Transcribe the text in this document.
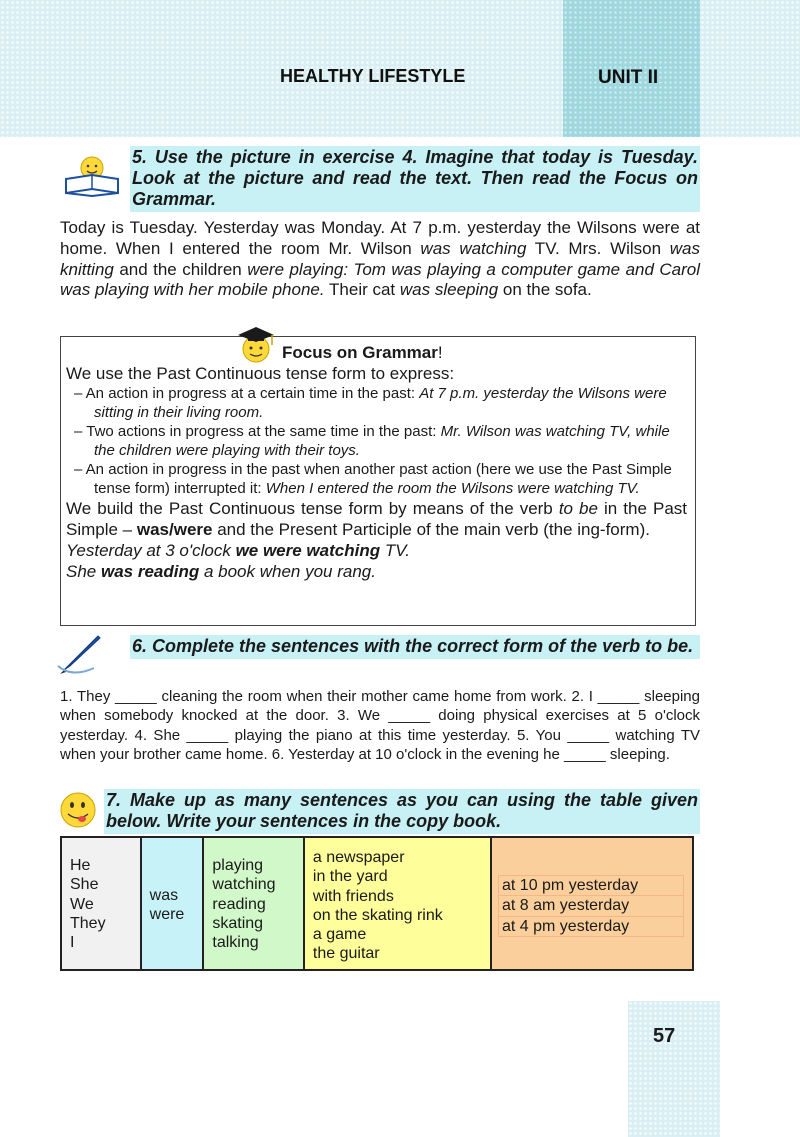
HEALTHY LIFESTYLE	UNIT II
5. Use the picture in exercise 4. Imagine that today is Tuesday. Look at the picture and read the text. Then read the Focus on Grammar.
Today is Tuesday. Yesterday was Monday. At 7 p.m. yesterday the Wilsons were at home. When I entered the room Mr. Wilson was watching TV. Mrs. Wilson was knitting and the children were playing: Tom was playing a computer game and Carol was playing with her mobile phone. Their cat was sleeping on the sofa.
We use the Past Continuous tense form to express:
– An action in progress at a certain time in the past: At 7 p.m. yesterday the Wilsons were sitting in their living room.
– Two actions in progress at the same time in the past: Mr. Wilson was watching TV, while the children were playing with their toys.
– An action in progress in the past when another past action (here we use the Past Simple tense form) interrupted it: When I entered the room the Wilsons were watching TV.
We build the Past Continuous tense form by means of the verb to be in the Past Simple – was/were and the Present Participle of the main verb (the ing-form).
Yesterday at 3 o'clock we were watching TV.
She was reading a book when you rang.
Focus on Grammar!
6. Complete the sentences with the correct form of the verb to be.
1. They _____ cleaning the room when their mother came home from work. 2. I _____ sleeping when somebody knocked at the door. 3. We _____ doing physical exercises at 5 o'clock yesterday. 4. She _____ playing the piano at this time yesterday. 5. You _____ watching TV when your brother came home. 6. Yesterday at 10 o'clock in the evening he _____ sleeping.
7. Make up as many sentences as you can using the table given below. Write your sentences in the copy book.
He
She
We
They
I
was
were
playing
watching
reading
skating
talking
a newspaper
in the yard
with friends
on the skating rink
a game
the guitar
at 10 pm yesterday
at 8 am yesterday
at 4 pm yesterday
57
